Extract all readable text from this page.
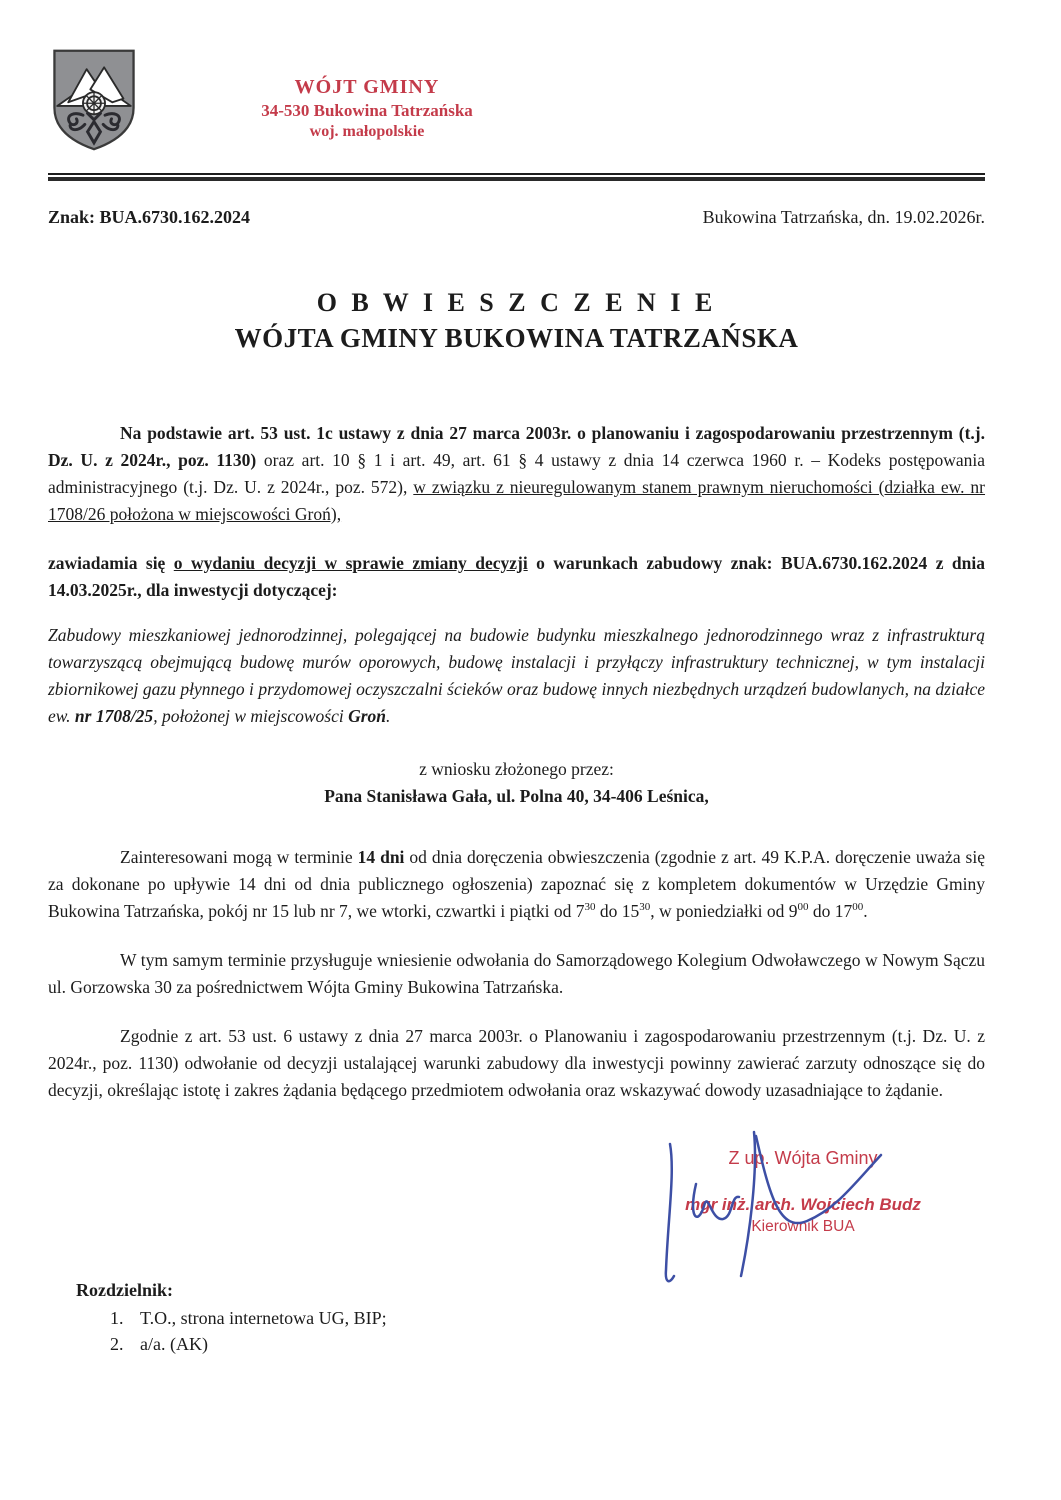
WÓJT GMINY
34-530 Bukowina Tatrzańska
woj. małopolskie
Znak: BUA.6730.162.2024	Bukowina Tatrzańska, dn. 19.02.2026r.
O B W I E S Z C Z E N I E
WÓJTA GMINY BUKOWINA TATRZAŃSKA

Na podstawie art. 53 ust. 1c ustawy z dnia 27 marca 2003r. o planowaniu i zagospodarowaniu przestrzennym (t.j. Dz. U. z 2024r., poz. 1130) oraz art. 10 § 1 i art. 49, art. 61 § 4 ustawy z dnia 14 czerwca 1960 r. – Kodeks postępowania administracyjnego (t.j. Dz. U. z 2024r., poz. 572), w związku z nieuregulowanym stanem prawnym nieruchomości (działka ew. nr 1708/26 położona w miejscowości Groń),

zawiadamia się o wydaniu decyzji w sprawie zmiany decyzji o warunkach zabudowy znak: BUA.6730.162.2024 z dnia 14.03.2025r., dla inwestycji dotyczącej:

Zabudowy mieszkaniowej jednorodzinnej, polegającej na budowie budynku mieszkalnego jednorodzinnego wraz z infrastrukturą towarzyszącą obejmującą budowę murów oporowych, budowę instalacji i przyłączy infrastruktury technicznej, w tym instalacji zbiornikowej gazu płynnego i przydomowej oczyszczalni ścieków oraz budowę innych niezbędnych urządzeń budowlanych, na działce ew. nr 1708/25, położonej w miejscowości Groń.

z wniosku złożonego przez:
Pana Stanisława Gała, ul. Polna 40, 34-406 Leśnica,

Zainteresowani mogą w terminie 14 dni od dnia doręczenia obwieszczenia (zgodnie z art. 49 K.P.A. doręczenie uważa się za dokonane po upływie 14 dni od dnia publicznego ogłoszenia) zapoznać się z kompletem dokumentów w Urzędzie Gminy Bukowina Tatrzańska, pokój nr 15 lub nr 7, we wtorki, czwartki i piątki od $7^{30}$ do $15^{30}$, w poniedziałki od $9^{00}$ do $17^{00}$.

W tym samym terminie przysługuje wniesienie odwołania do Samorządowego Kolegium Odwoławczego w Nowym Sączu ul. Gorzowska 30 za pośrednictwem Wójta Gminy Bukowina Tatrzańska.

Zgodnie z art. 53 ust. 6 ustawy z dnia 27 marca 2003r. o Planowaniu i zagospodarowaniu przestrzennym (t.j. Dz. U. z 2024r., poz. 1130) odwołanie od decyzji ustalającej warunki zabudowy dla inwestycji powinny zawierać zarzuty odnoszące się do decyzji, określając istotę i zakres żądania będącego przedmiotem odwołania oraz wskazywać dowody uzasadniające to żądanie.

Z up. Wójta Gminy
mgr inż. arch. Wojciech Budz
Kierownik BUA
Rozdzielnik:
1. T.O., strona internetowa UG, BIP;
2. a/a. (AK)
